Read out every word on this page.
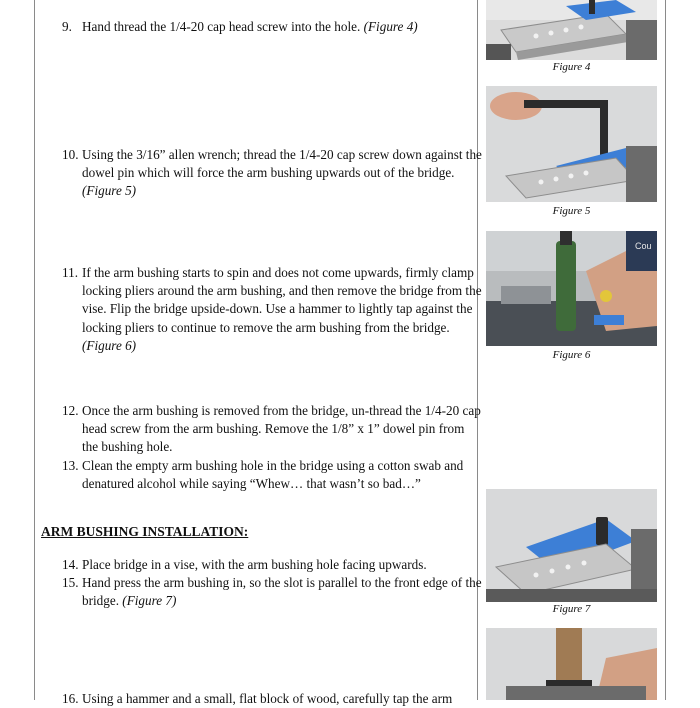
9. Hand thread the 1/4-20 cap head screw into the hole. (Figure 4)
10. Using the 3/16” allen wrench; thread the 1/4-20 cap screw down against the dowel pin which will force the arm bushing upwards out of the bridge. (Figure 5)
11. If the arm bushing starts to spin and does not come upwards, firmly clamp locking pliers around the arm bushing, and then remove the bridge from the vise. Flip the bridge upside-down. Use a hammer to lightly tap against the locking pliers to continue to remove the arm bushing from the bridge. (Figure 6)
12. Once the arm bushing is removed from the bridge, un-thread the 1/4-20 cap head screw from the arm bushing. Remove the 1/8” x 1” dowel pin from the bushing hole.
13. Clean the empty arm bushing hole in the bridge using a cotton swab and denatured alcohol while saying “Whew… that wasn’t so bad…”
ARM BUSHING INSTALLATION:
14. Place bridge in a vise, with the arm bushing hole facing upwards.
15. Hand press the arm bushing in, so the slot is parallel to the front edge of the bridge. (Figure 7)
16. Using a hammer and a small, flat block of wood, carefully tap the arm
Figure 4
Figure 5
Cou
Figure 6
Figure 7
